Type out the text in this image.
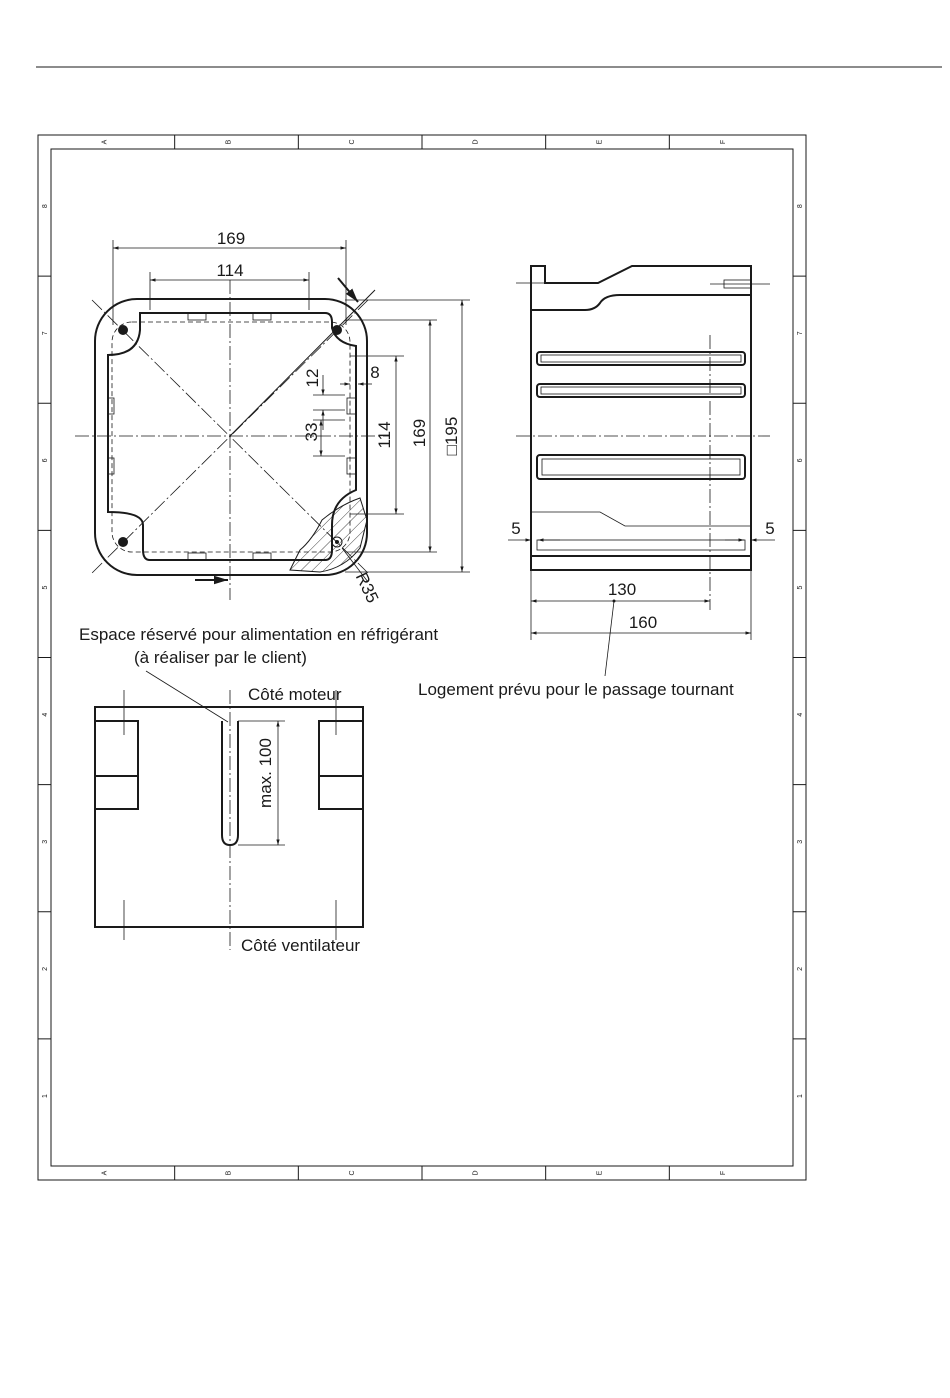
A
A
B
B
C
C
D
D
E
E
F
F
8	8
7	7
6	6
5	5
4	4
3	3
2	2
1	1
169
114
□195
169
114
12
33
8
R35
5	5
130
160
max. 100
Espace réservé pour alimentation en réfrigérant
(à réaliser par le client)
Côté moteur
Côté ventilateur
Logement prévu pour le passage tournant
